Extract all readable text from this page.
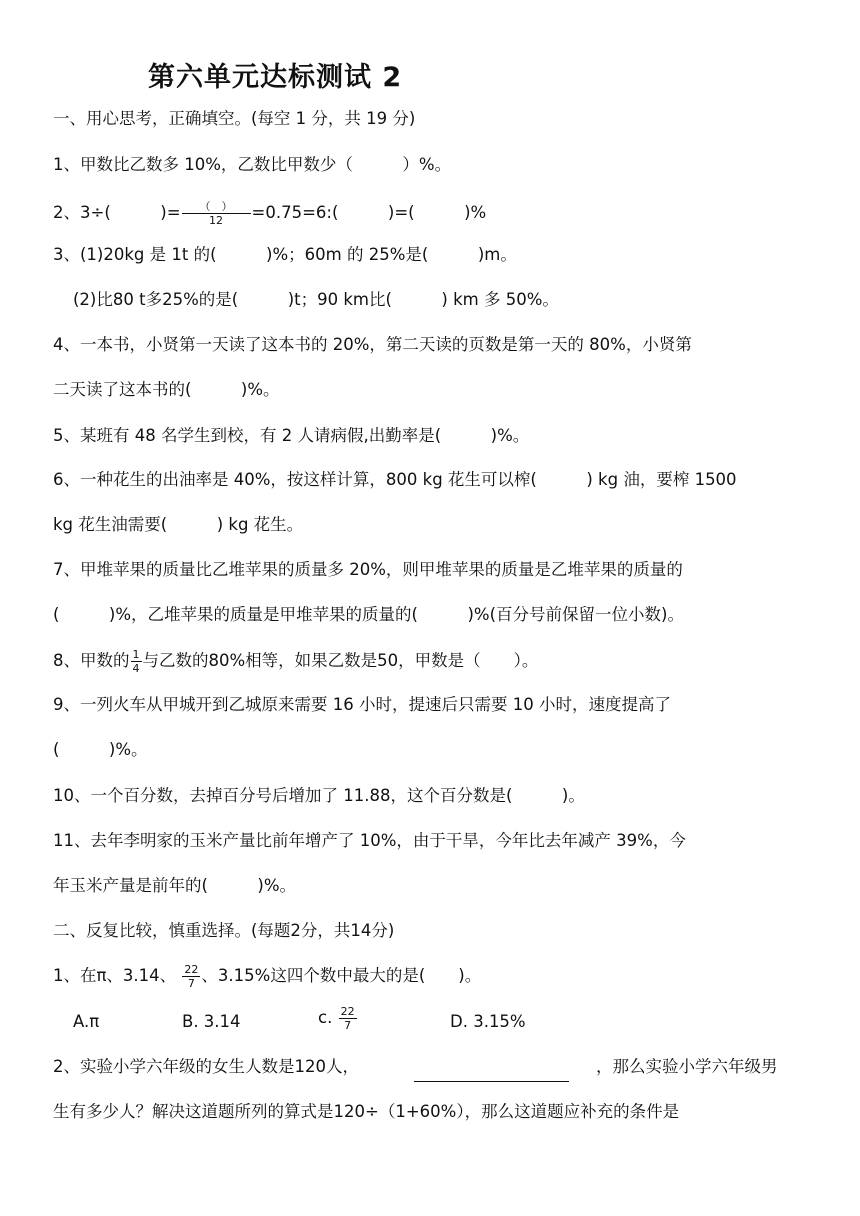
第六单元达标测试 2
一、用心思考，正确填空。(每空 1 分，共 19 分)
1、甲数比乙数多 10%，乙数比甲数少（　　　）%。
2、3÷(　　　)= $\frac{( )}{12}$ =0.75=6:(　　　)=(　　　)%
3、(1)20kg 是 1t 的(　　　)%；60m 的 25%是(　　　)m。
(2)比80 t多25%的是(　　　)t；90 km比(　　　) km 多 50%。
4、一本书，小贤第一天读了这本书的 20%，第二天读的页数是第一天的 80%，小贤第
二天读了这本书的(　　　)%。
5、某班有 48 名学生到校，有 2 人请病假,出勤率是(　　　)%。
6、一种花生的出油率是 40%，按这样计算，800 kg 花生可以榨(　　　) kg 油，要榨 1500
kg 花生油需要(　　　) kg 花生。
7、甲堆苹果的质量比乙堆苹果的质量多 20%，则甲堆苹果的质量是乙堆苹果的质量的
(　　　)%，乙堆苹果的质量是甲堆苹果的质量的(　　　)%(百分号前保留一位小数)。
8、甲数的 $\frac{1}{4}$ 与乙数的80%相等，如果乙数是50，甲数是（　　）。
9、一列火车从甲城开到乙城原来需要 16 小时，提速后只需要 10 小时，速度提高了
(　　　)%。
10、一个百分数，去掉百分号后增加了 11.88，这个百分数是(　　　)。
11、去年李明家的玉米产量比前年增产了 10%，由于干旱，今年比去年减产 39%，今
年玉米产量是前年的(　　　)%。
二、反复比较，慎重选择。(每题2分，共14分)
1、在π、3.14、 $\frac{22}{7}$ 、3.15%这四个数中最大的是(　　)。
A.π	B. 3.14	c. $\frac{22}{7}$	D. 3.15%
2、实验小学六年级的女生人数是120人，	，那么实验小学六年级男
生有多少人？解决这道题所列的算式是120÷（1+60%），那么这道题应补充的条件是
